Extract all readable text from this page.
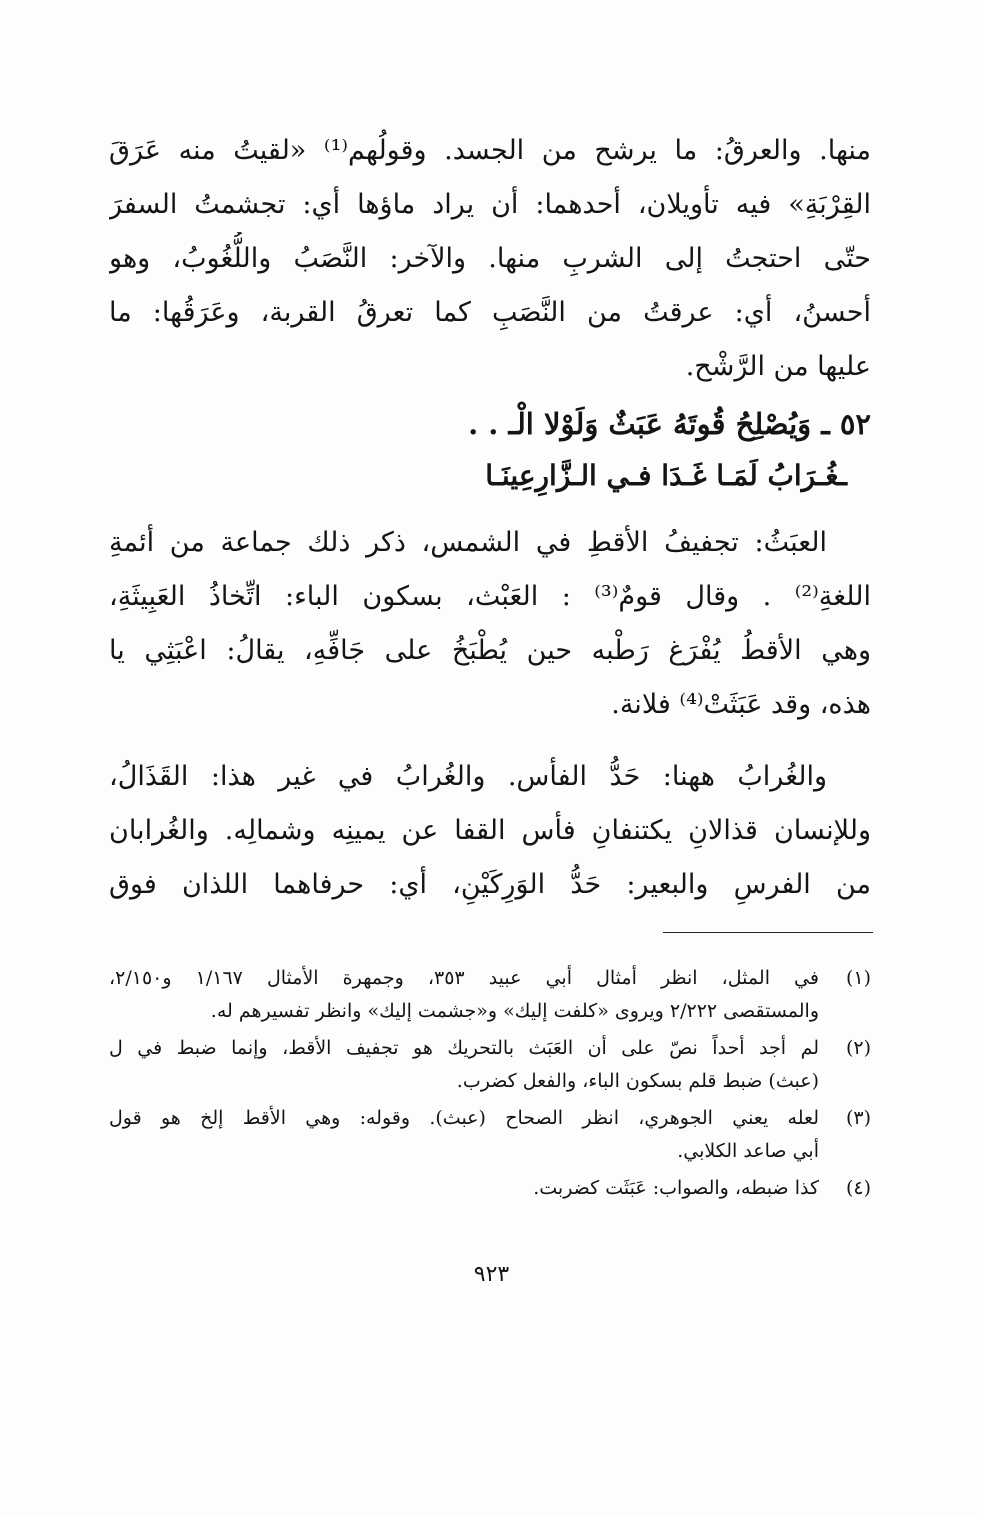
منها. والعرقُ: ما يرشح من الجسد. وقولُهم⁽¹⁾ «لقيتُ منه عَرَقَ
القِرْبَةِ» فيه تأويلان، أحدهما: أن يراد ماؤها أي: تجشمتُ السفرَ
حتّى احتجتُ إلى الشربِ منها. والآخر: النَّصَبُ واللُّغُوبُ، وهو
أحسنُ، أي: عرقتُ من النَّصَبِ كما تعرقُ القربة، وعَرَقُها: ما
عليها من الرَّشْح.
٥٢ ـ وَيُصْلِحُ قُوتَهُ عَبَثٌ وَلَوْلا الْـ . .
ـغُـرَابُ لَمَـا غَـدَا فـي الـزَّارِعِينَـا
العبَثُ: تجفيفُ الأقطِ في الشمس، ذكر ذلك جماعة من أئمةِ
اللغةِ⁽²⁾ . وقال قومٌ⁽³⁾ : العَبْث، بسكون الباء: اتِّخاذُ العَبِيثَةِ،
وهي الأقطُ يُفْرَغ رَطْبه حين يُطْبَخُ على جَافِّهِ، يقالُ: اعْبَثِي يا
هذه، وقد عَبَثَتْ⁽⁴⁾ فلانة.
والغُرابُ ههنا: حَدُّ الفأس. والغُرابُ في غير هذا: القَذَالُ،
وللإنسان قذالانِ يكتنفانِ فأس القفا عن يمينِه وشمالِه. والغُرابان
من الفرسِ والبعير: حَدُّ الوَرِكَيْنِ، أي: حرفاهما اللذان فوق
(١)
في المثل، انظر أمثال أبي عبيد ٣٥٣، وجمهرة الأمثال ١/١٦٧ و٢/١٥٠،
والمستقصى ٢/٢٢٢ ويروى «كلفت إليك» و«جشمت إليك» وانظر تفسيرهم له.
(٢)
لم أجد أحداً نصّ على أن العَبَث بالتحريك هو تجفيف الأقط، وإنما ضبط في ل
(عبث) ضبط قلم بسكون الباء، والفعل كضرب.
(٣)
لعله يعني الجوهري، انظر الصحاح (عبث). وقوله: وهي الأقط إلخ هو قول
أبي صاعد الكلابي.
(٤)
كذا ضبطه، والصواب: عَبَثَت كضربت.
٩٢٣
